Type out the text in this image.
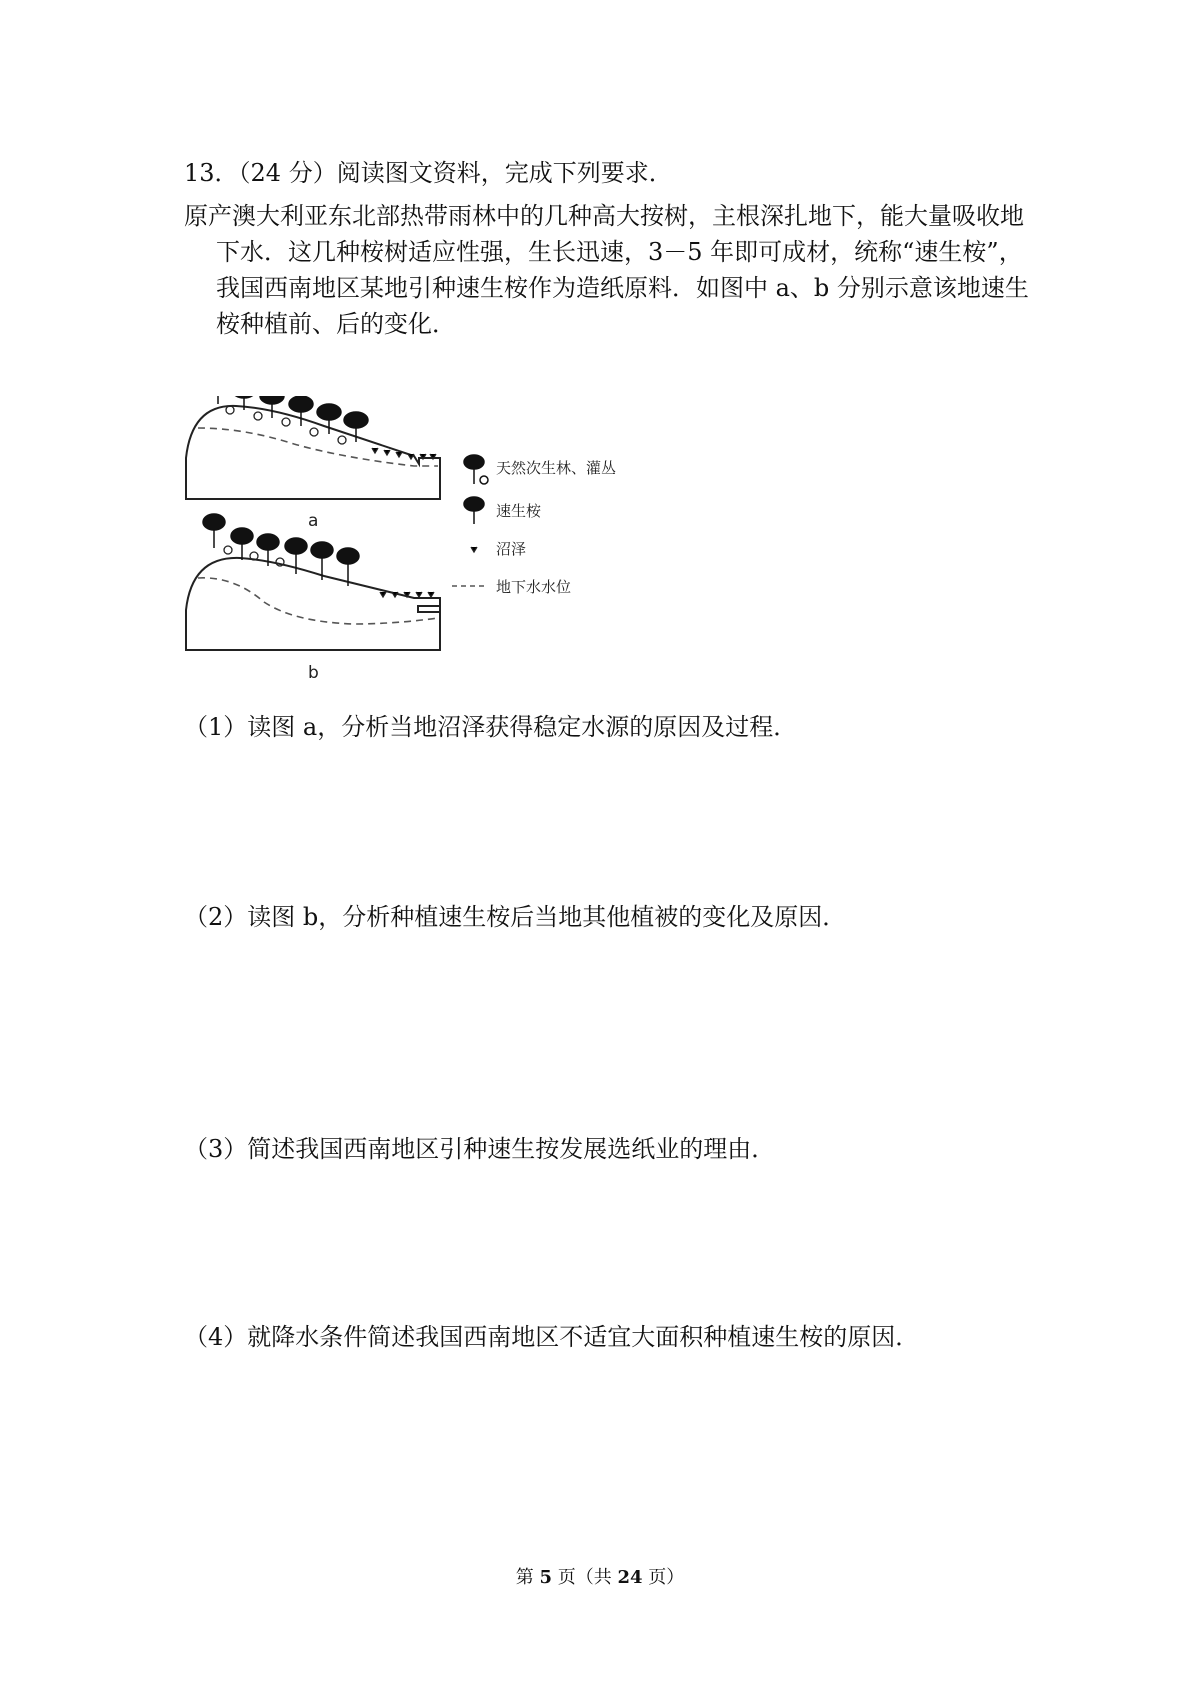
13．（24 分）阅读图文资料，完成下列要求．
原产澳大利亚东北部热带雨林中的几种高大按树，主根深扎地下，能大量吸收地
下水．这几种桉树适应性强，生长迅速，3－5 年即可成材，统称“速生桉”，我国西南地区某地引种速生桉作为造纸原料．如图中 a、b 分别示意该地速生桉种植前、后的变化．
a
b
天然次生林、灌丛
速生桉
沼泽
地下水水位
（1）读图 a，分析当地沼泽获得稳定水源的原因及过程．
（2）读图 b，分析种植速生桉后当地其他植被的变化及原因．
（3）简述我国西南地区引种速生按发展选纸业的理由．
（4）就降水条件简述我国西南地区不适宜大面积种植速生桉的原因．
第 5 页（共 24 页）
